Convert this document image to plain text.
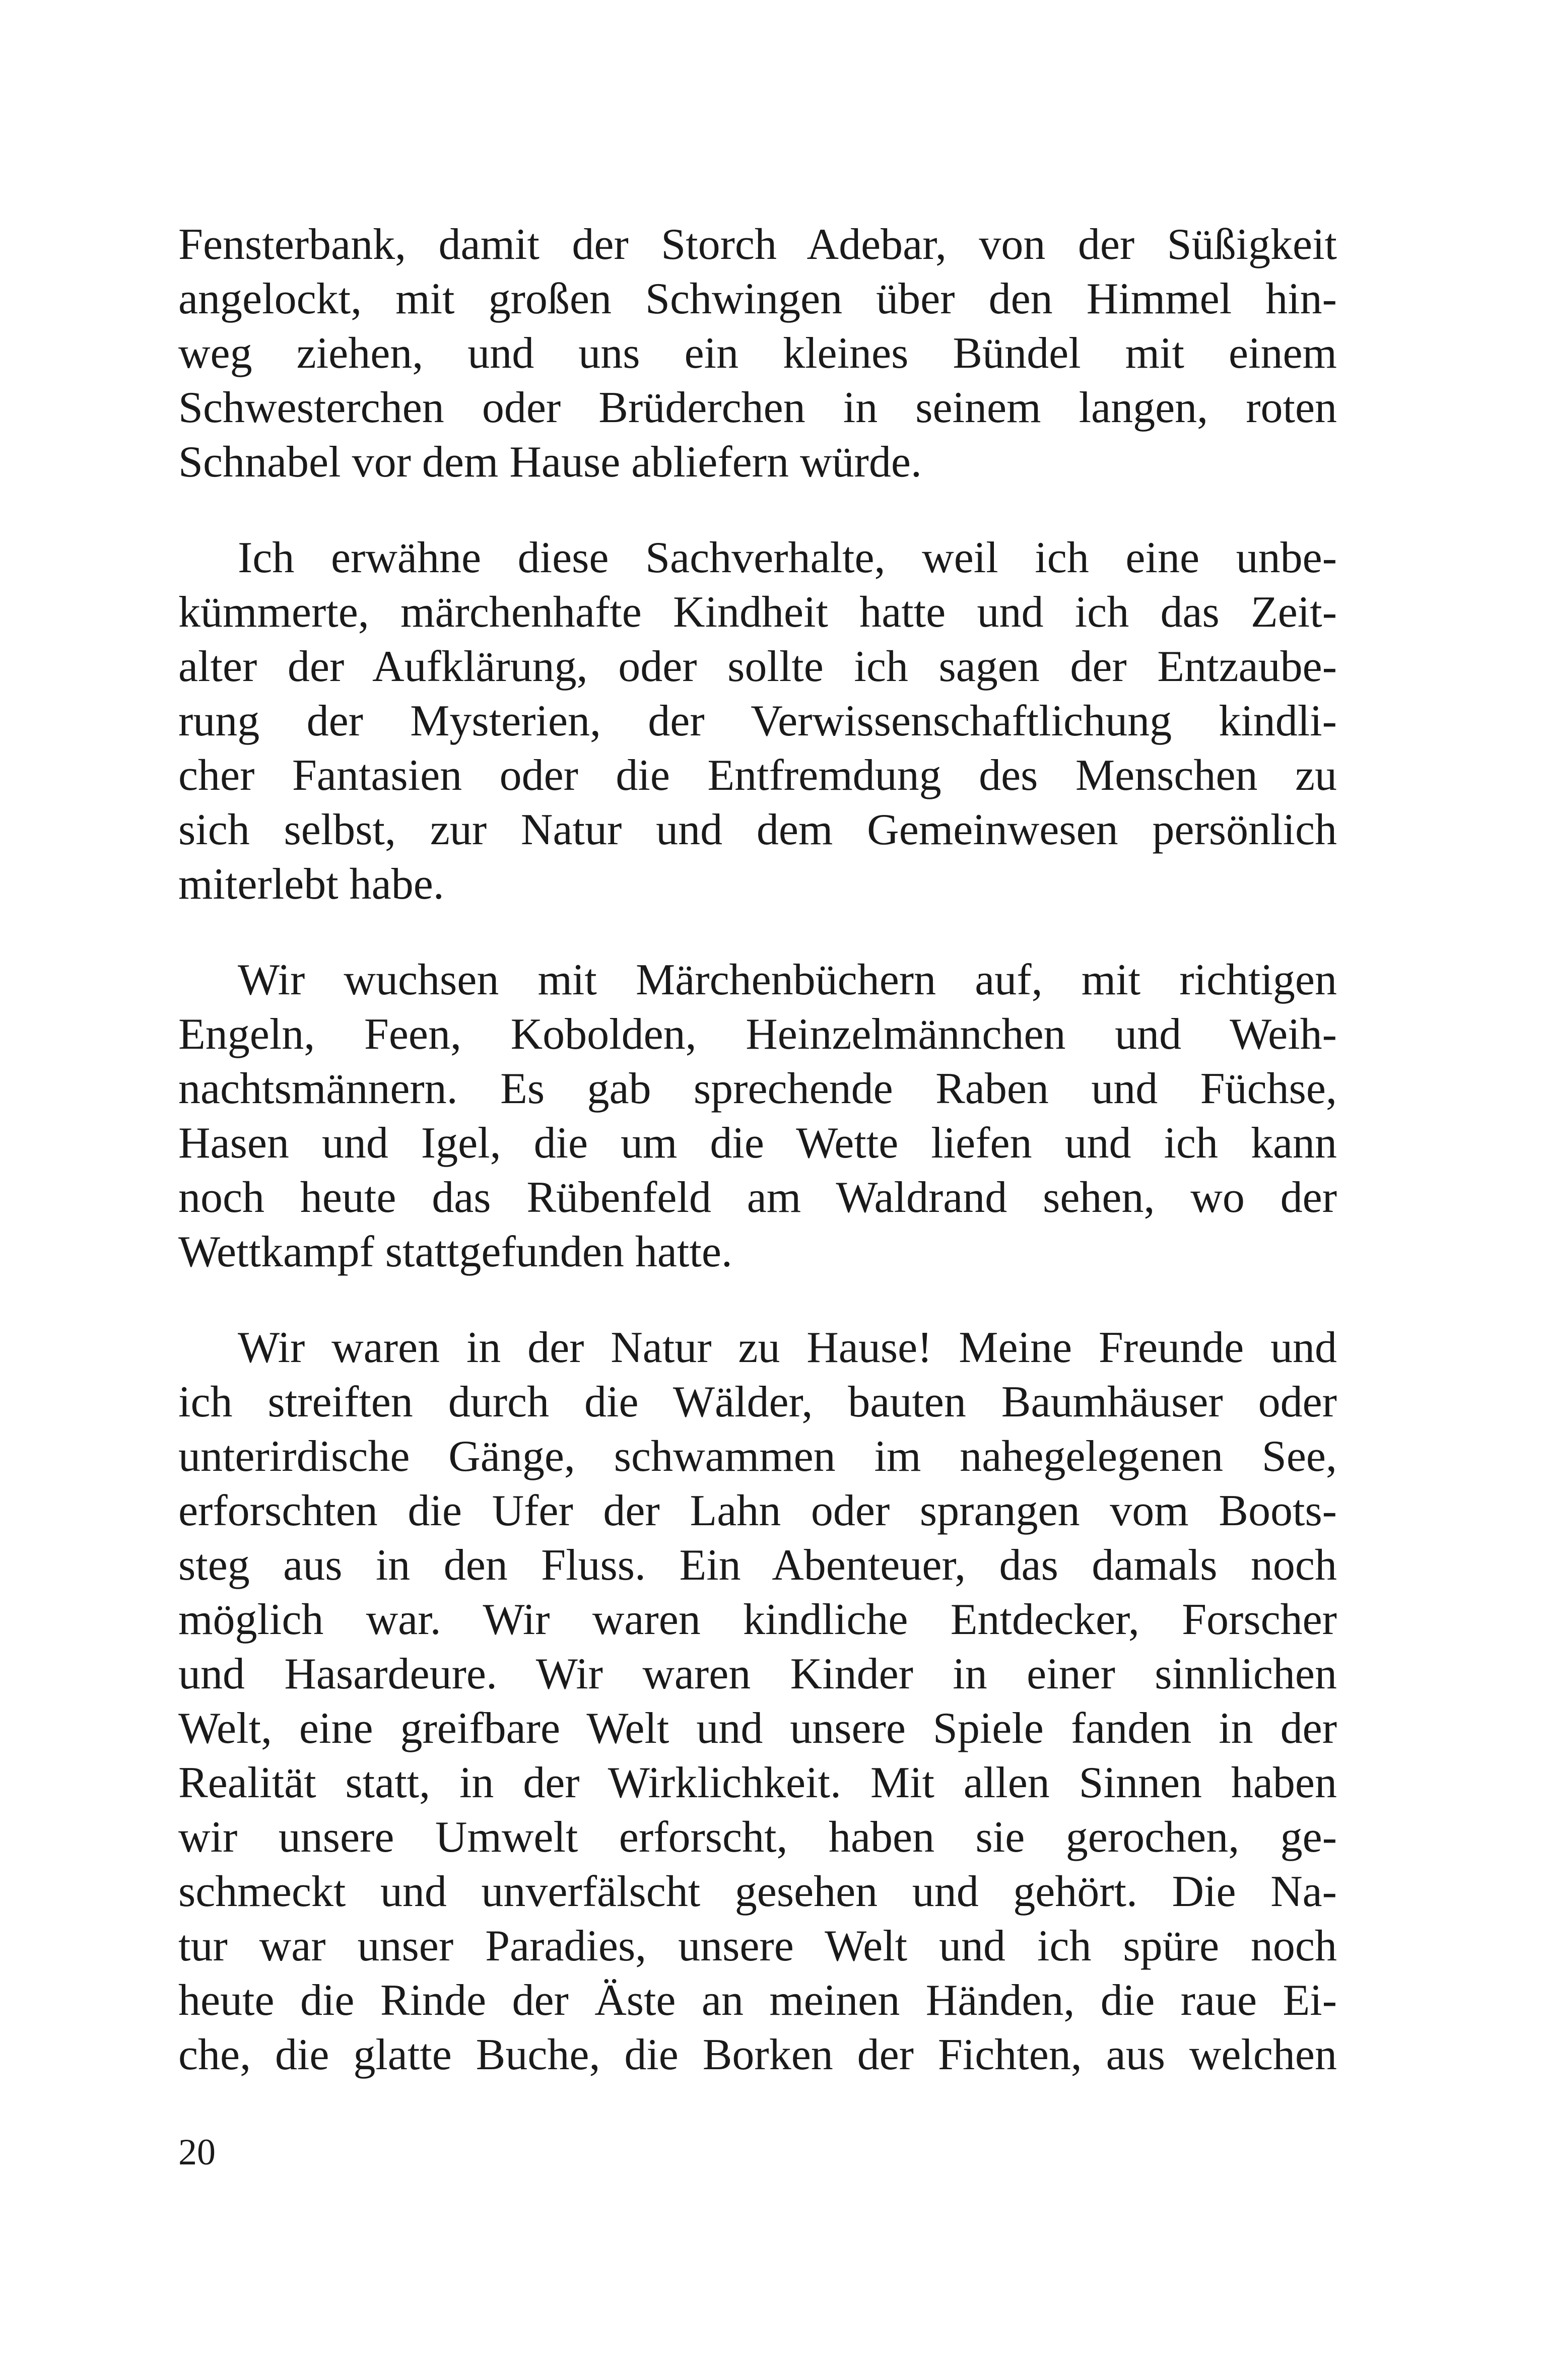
Fensterbank, damit der Storch Adebar, von der Süßigkeit
angelockt, mit großen Schwingen über den Himmel hin-
weg ziehen, und uns ein kleines Bündel mit einem
Schwesterchen oder Brüderchen in seinem langen, roten
Schnabel vor dem Hause abliefern würde.

Ich erwähne diese Sachverhalte, weil ich eine unbe-
kümmerte, märchenhafte Kindheit hatte und ich das Zeit-
alter der Aufklärung, oder sollte ich sagen der Entzaube-
rung der Mysterien, der Verwissenschaftlichung kindli-
cher Fantasien oder die Entfremdung des Menschen zu
sich selbst, zur Natur und dem Gemeinwesen persönlich
miterlebt habe.

Wir wuchsen mit Märchenbüchern auf, mit richtigen
Engeln, Feen, Kobolden, Heinzelmännchen und Weih-
nachtsmännern. Es gab sprechende Raben und Füchse,
Hasen und Igel, die um die Wette liefen und ich kann
noch heute das Rübenfeld am Waldrand sehen, wo der
Wettkampf stattgefunden hatte.

Wir waren in der Natur zu Hause! Meine Freunde und
ich streiften durch die Wälder, bauten Baumhäuser oder
unterirdische Gänge, schwammen im nahegelegenen See,
erforschten die Ufer der Lahn oder sprangen vom Boots-
steg aus in den Fluss. Ein Abenteuer, das damals noch
möglich war. Wir waren kindliche Entdecker, Forscher
und Hasardeure. Wir waren Kinder in einer sinnlichen
Welt, eine greifbare Welt und unsere Spiele fanden in der
Realität statt, in der Wirklichkeit. Mit allen Sinnen haben
wir unsere Umwelt erforscht, haben sie gerochen, ge-
schmeckt und unverfälscht gesehen und gehört. Die Na-
tur war unser Paradies, unsere Welt und ich spüre noch
heute die Rinde der Äste an meinen Händen, die raue Ei-
che, die glatte Buche, die Borken der Fichten, aus welchen

20
